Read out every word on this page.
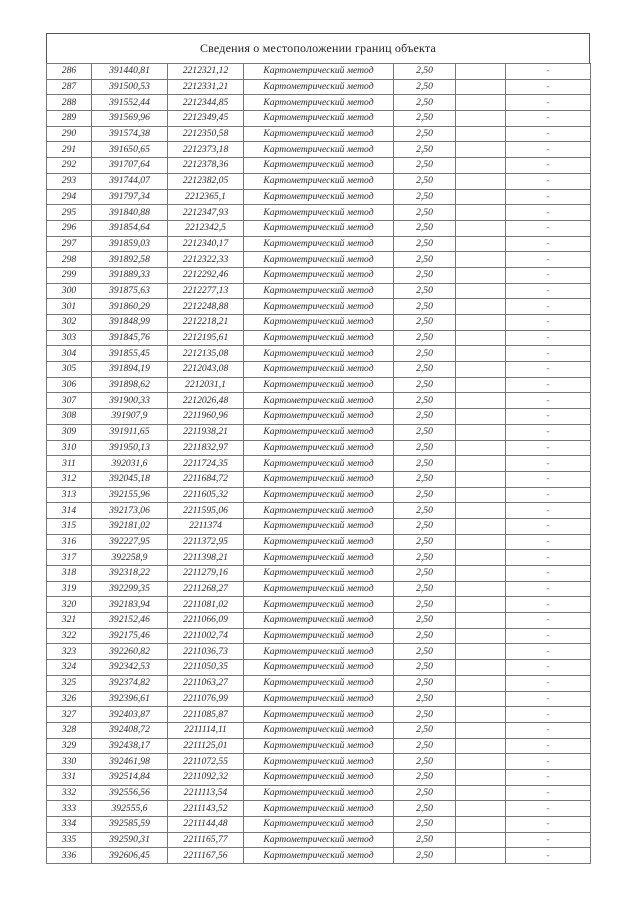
Сведения о местоположении границ объекта
286	391440,81	2212321,12	Картометрический метод	2,50		-
287	391500,53	2212331,21	Картометрический метод	2,50		-
288	391552,44	2212344,85	Картометрический метод	2,50		-
289	391569,96	2212349,45	Картометрический метод	2,50		-
290	391574,38	2212350,58	Картометрический метод	2,50		-
291	391650,65	2212373,18	Картометрический метод	2,50		-
292	391707,64	2212378,36	Картометрический метод	2,50		-
293	391744,07	2212382,05	Картометрический метод	2,50		-
294	391797,34	2212365,1	Картометрический метод	2,50		-
295	391840,88	2212347,93	Картометрический метод	2,50		-
296	391854,64	2212342,5	Картометрический метод	2,50		-
297	391859,03	2212340,17	Картометрический метод	2,50		-
298	391892,58	2212322,33	Картометрический метод	2,50		-
299	391889,33	2212292,46	Картометрический метод	2,50		-
300	391875,63	2212277,13	Картометрический метод	2,50		-
301	391860,29	2212248,88	Картометрический метод	2,50		-
302	391848,99	2212218,21	Картометрический метод	2,50		-
303	391845,76	2212195,61	Картометрический метод	2,50		-
304	391855,45	2212135,08	Картометрический метод	2,50		-
305	391894,19	2212043,08	Картометрический метод	2,50		-
306	391898,62	2212031,1	Картометрический метод	2,50		-
307	391900,33	2212026,48	Картометрический метод	2,50		-
308	391907,9	2211960,96	Картометрический метод	2,50		-
309	391911,65	2211938,21	Картометрический метод	2,50		-
310	391950,13	2211832,97	Картометрический метод	2,50		-
311	392031,6	2211724,35	Картометрический метод	2,50		-
312	392045,18	2211684,72	Картометрический метод	2,50		-
313	392155,96	2211605,32	Картометрический метод	2,50		-
314	392173,06	2211595,06	Картометрический метод	2,50		-
315	392181,02	2211374	Картометрический метод	2,50		-
316	392227,95	2211372,95	Картометрический метод	2,50		-
317	392258,9	2211398,21	Картометрический метод	2,50		-
318	392318,22	2211279,16	Картометрический метод	2,50		-
319	392299,35	2211268,27	Картометрический метод	2,50		-
320	392183,94	2211081,02	Картометрический метод	2,50		-
321	392152,46	2211066,09	Картометрический метод	2,50		-
322	392175,46	2211002,74	Картометрический метод	2,50		-
323	392260,82	2211036,73	Картометрический метод	2,50		-
324	392342,53	2211050,35	Картометрический метод	2,50		-
325	392374,82	2211063,27	Картометрический метод	2,50		-
326	392396,61	2211076,99	Картометрический метод	2,50		-
327	392403,87	2211085,87	Картометрический метод	2,50		-
328	392408,72	2211114,11	Картометрический метод	2,50		-
329	392438,17	2211125,01	Картометрический метод	2,50		-
330	392461,98	2211072,55	Картометрический метод	2,50		-
331	392514,84	2211092,32	Картометрический метод	2,50		-
332	392556,56	2211113,54	Картометрический метод	2,50		-
333	392555,6	2211143,52	Картометрический метод	2,50		-
334	392585,59	2211144,48	Картометрический метод	2,50		-
335	392590,31	2211165,77	Картометрический метод	2,50		-
336	392606,45	2211167,56	Картометрический метод	2,50		-
